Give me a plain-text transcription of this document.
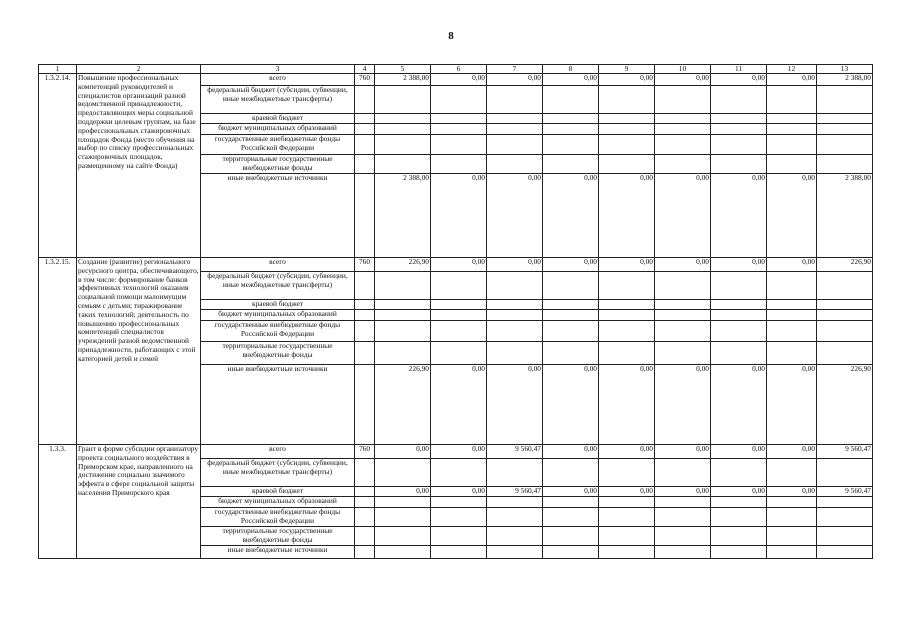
8
1	2	3	4	5	6	7	8	9	10	11	12	13
1.3.2.14.	Повышение профессиональных компетенций руководителей и специалистов организаций разной ведомственной принадлежности, предоставляющих меры социальной поддержки целевым группам, на базе профессиональных стажировочных площадок Фонда (место обучения на выбор по списку профессиональных стажировочных площадок, размещенному на сайте Фонда)	всего	760	2 388,00	0,00	0,00	0,00	0,00	0,00	0,00	0,00	2 388,00
		федеральный бюджет (субсидии, субвенции, иные межбюджетные трансферты)										
		краевой бюджет										
		бюджет муниципальных образований										
		государственные внебюджетные фонды Российской Федерации										
		территориальные государственные внебюджетные фонды										
		иные внебюджетные источники		2 388,00	0,00	0,00	0,00	0,00	0,00	0,00	0,00	2 388,00
1.3.2.15.	Создание (развитие) регионального ресурсного центра, обеспечивающего, в том числе: формирование банков эффективных технологий оказания социальной помощи малоимущим семьям с детьми; тиражирование таких технологий; деятельность по повышению профессиональных компетенций специалистов учреждений разной ведомственной принадлежности, работающих с этой категорией детей и семей	всего	760	226,90	0,00	0,00	0,00	0,00	0,00	0,00	0,00	226,90
		федеральный бюджет (субсидии, субвенции, иные межбюджетные трансферты)										
		краевой бюджет										
		бюджет муниципальных образований										
		государственные внебюджетные фонды Российской Федерации										
		территориальные государственные внебюджетные фонды										
		иные внебюджетные источники		226,90	0,00	0,00	0,00	0,00	0,00	0,00	0,00	226,90
1.3.3.	Грант в форме субсидии организатору проекта социального воздействия в Приморском крае, направленного на достижение социально значимого эффекта в сфере социальной защиты населения Приморского края	всего	760	0,00	0,00	9 560,47	0,00	0,00	0,00	0,00	0,00	9 560,47
		федеральный бюджет (субсидии, субвенции, иные межбюджетные трансферты)										
		краевой бюджет		0,00	0,00	9 560,47	0,00	0,00	0,00	0,00	0,00	9 560,47
		бюджет муниципальных образований										
		государственные внебюджетные фонды Российской Федерации										
		территориальные государственные внебюджетные фонды										
		иные внебюджетные источники										
